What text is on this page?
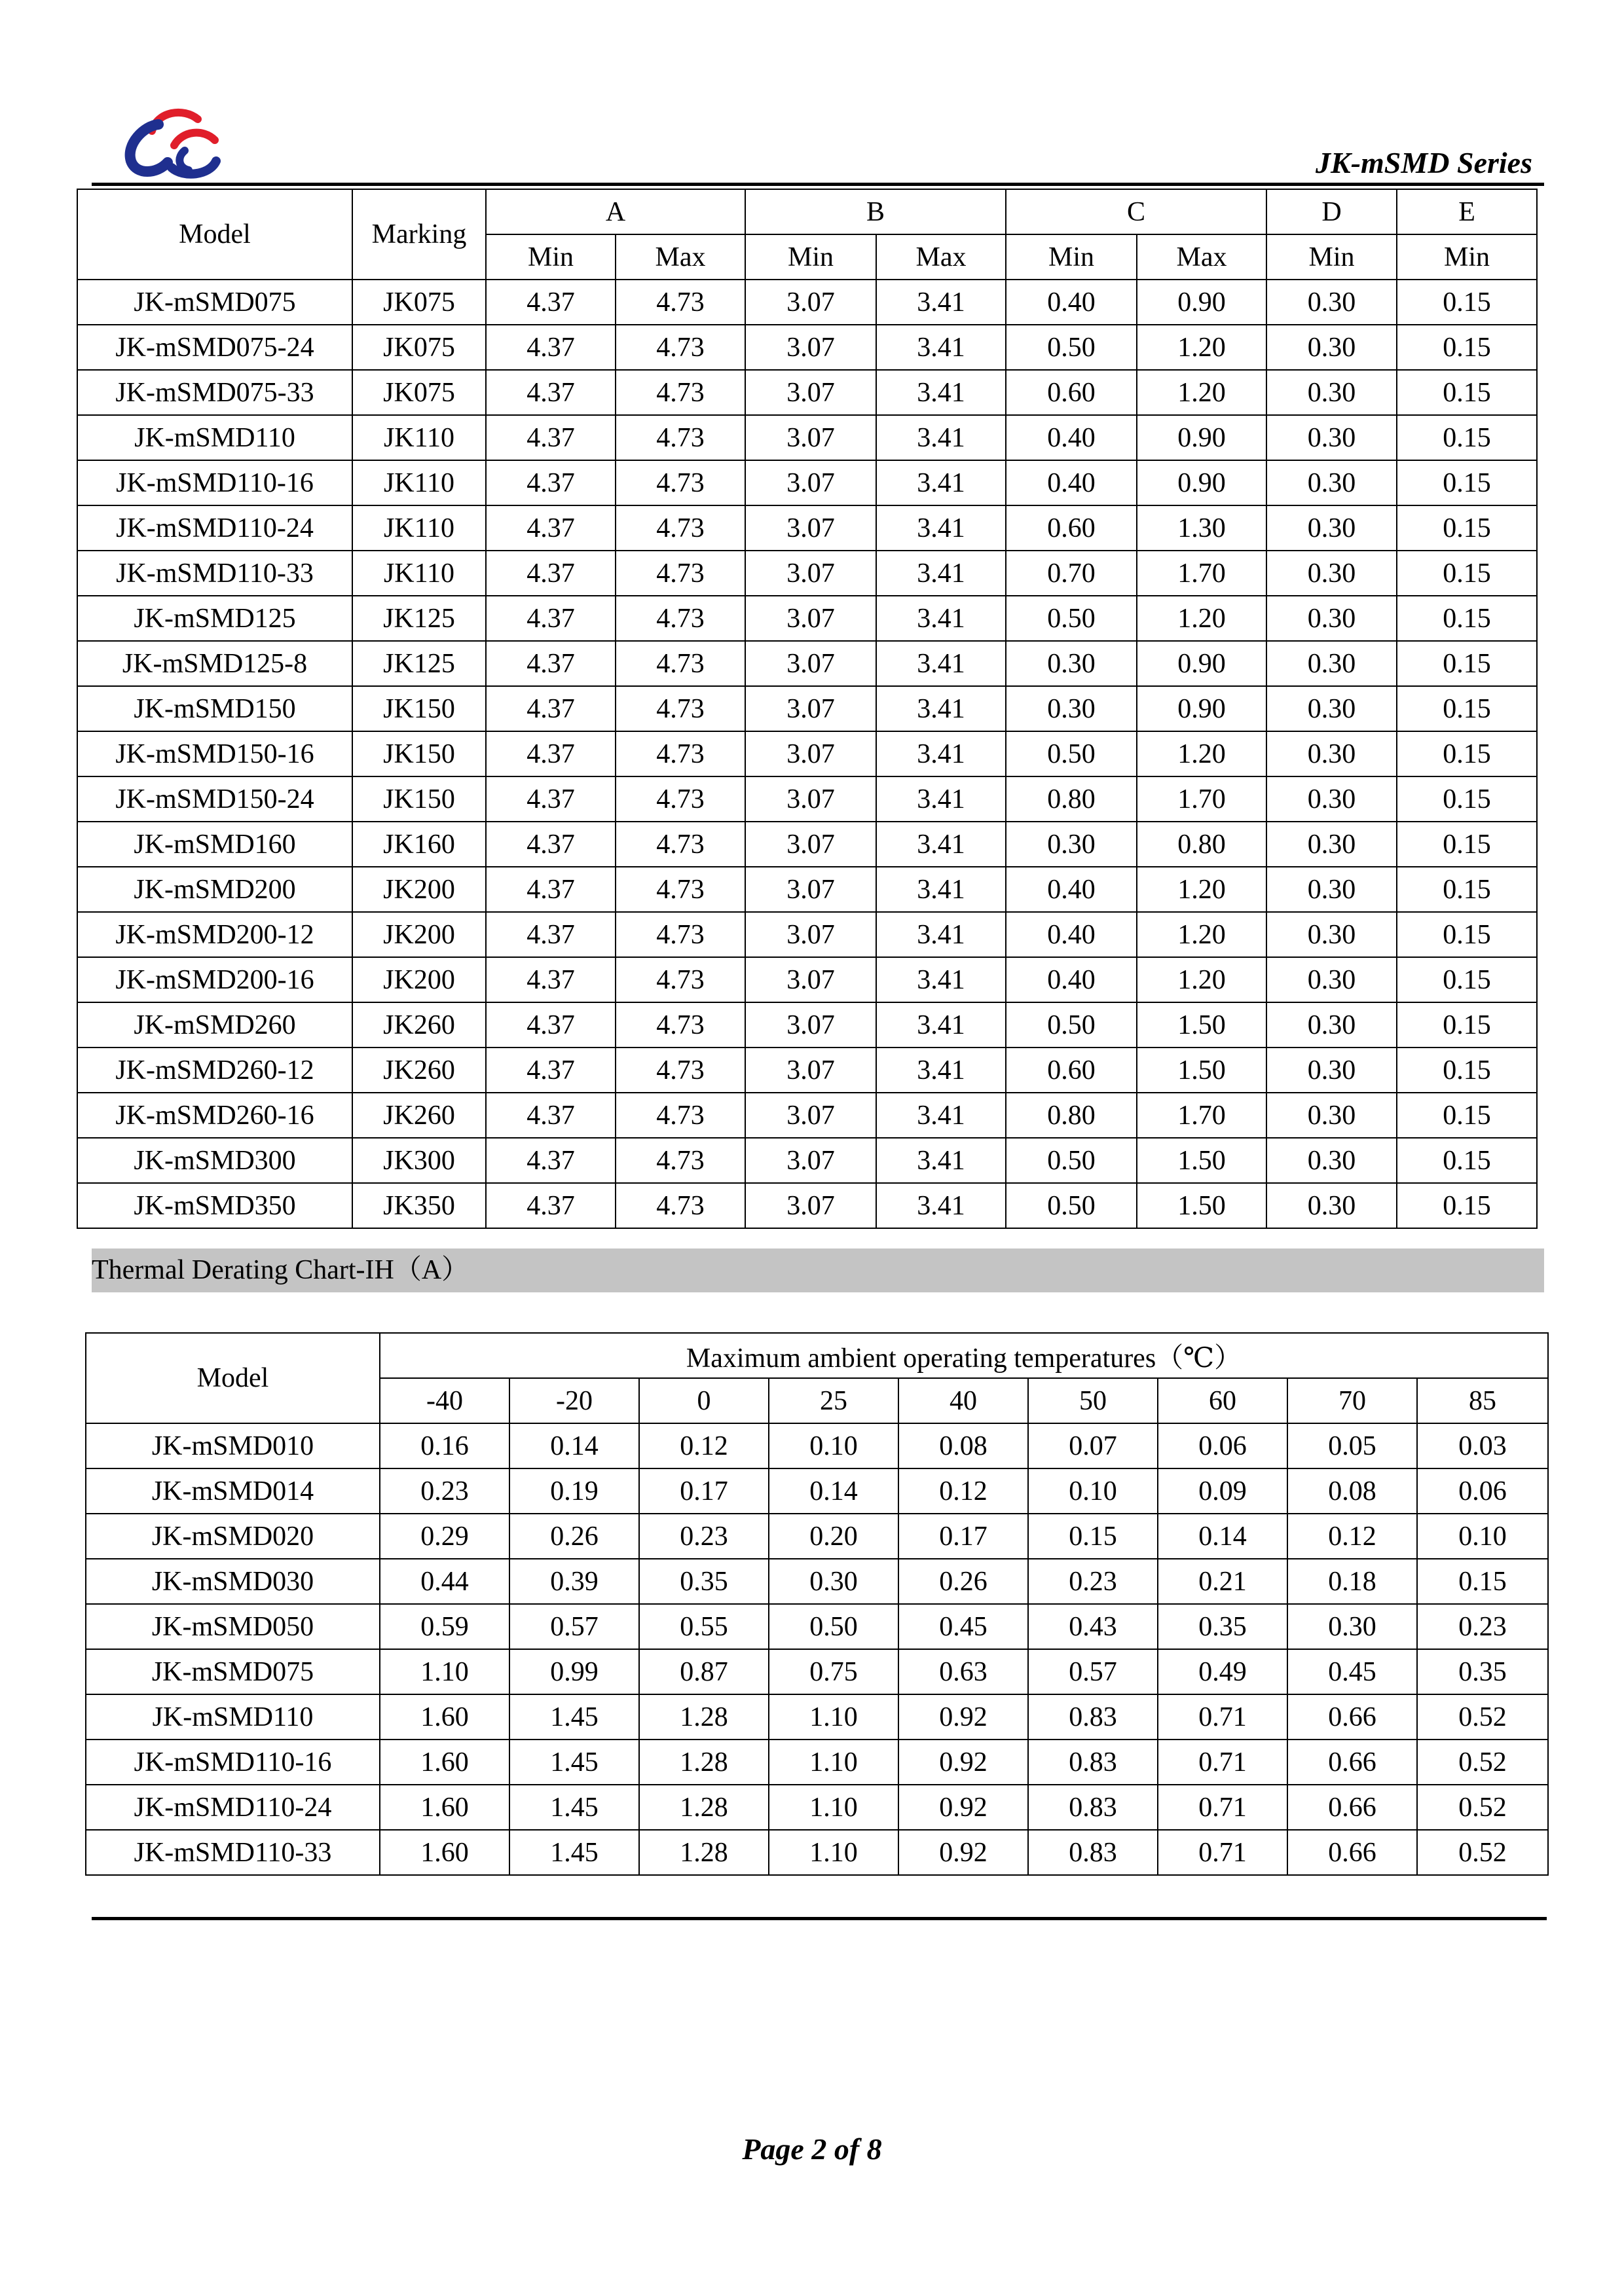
JK-mSMD Series
Model	Marking	A		B		C		D	E
		Min	Max	Min	Max	Min	Max	Min	Min
JK-mSMD075	JK075	4.37	4.73	3.07	3.41	0.40	0.90	0.30	0.15
JK-mSMD075-24	JK075	4.37	4.73	3.07	3.41	0.50	1.20	0.30	0.15
JK-mSMD075-33	JK075	4.37	4.73	3.07	3.41	0.60	1.20	0.30	0.15
JK-mSMD110	JK110	4.37	4.73	3.07	3.41	0.40	0.90	0.30	0.15
JK-mSMD110-16	JK110	4.37	4.73	3.07	3.41	0.40	0.90	0.30	0.15
JK-mSMD110-24	JK110	4.37	4.73	3.07	3.41	0.60	1.30	0.30	0.15
JK-mSMD110-33	JK110	4.37	4.73	3.07	3.41	0.70	1.70	0.30	0.15
JK-mSMD125	JK125	4.37	4.73	3.07	3.41	0.50	1.20	0.30	0.15
JK-mSMD125-8	JK125	4.37	4.73	3.07	3.41	0.30	0.90	0.30	0.15
JK-mSMD150	JK150	4.37	4.73	3.07	3.41	0.30	0.90	0.30	0.15
JK-mSMD150-16	JK150	4.37	4.73	3.07	3.41	0.50	1.20	0.30	0.15
JK-mSMD150-24	JK150	4.37	4.73	3.07	3.41	0.80	1.70	0.30	0.15
JK-mSMD160	JK160	4.37	4.73	3.07	3.41	0.30	0.80	0.30	0.15
JK-mSMD200	JK200	4.37	4.73	3.07	3.41	0.40	1.20	0.30	0.15
JK-mSMD200-12	JK200	4.37	4.73	3.07	3.41	0.40	1.20	0.30	0.15
JK-mSMD200-16	JK200	4.37	4.73	3.07	3.41	0.40	1.20	0.30	0.15
JK-mSMD260	JK260	4.37	4.73	3.07	3.41	0.50	1.50	0.30	0.15
JK-mSMD260-12	JK260	4.37	4.73	3.07	3.41	0.60	1.50	0.30	0.15
JK-mSMD260-16	JK260	4.37	4.73	3.07	3.41	0.80	1.70	0.30	0.15
JK-mSMD300	JK300	4.37	4.73	3.07	3.41	0.50	1.50	0.30	0.15
JK-mSMD350	JK350	4.37	4.73	3.07	3.41	0.50	1.50	0.30	0.15
Thermal Derating Chart-IH（A）
Model	Maximum ambient operating temperatures（℃）								
	-40	-20	0	25	40	50	60	70	85
JK-mSMD010	0.16	0.14	0.12	0.10	0.08	0.07	0.06	0.05	0.03
JK-mSMD014	0.23	0.19	0.17	0.14	0.12	0.10	0.09	0.08	0.06
JK-mSMD020	0.29	0.26	0.23	0.20	0.17	0.15	0.14	0.12	0.10
JK-mSMD030	0.44	0.39	0.35	0.30	0.26	0.23	0.21	0.18	0.15
JK-mSMD050	0.59	0.57	0.55	0.50	0.45	0.43	0.35	0.30	0.23
JK-mSMD075	1.10	0.99	0.87	0.75	0.63	0.57	0.49	0.45	0.35
JK-mSMD110	1.60	1.45	1.28	1.10	0.92	0.83	0.71	0.66	0.52
JK-mSMD110-16	1.60	1.45	1.28	1.10	0.92	0.83	0.71	0.66	0.52
JK-mSMD110-24	1.60	1.45	1.28	1.10	0.92	0.83	0.71	0.66	0.52
JK-mSMD110-33	1.60	1.45	1.28	1.10	0.92	0.83	0.71	0.66	0.52
Page 2 of 8
